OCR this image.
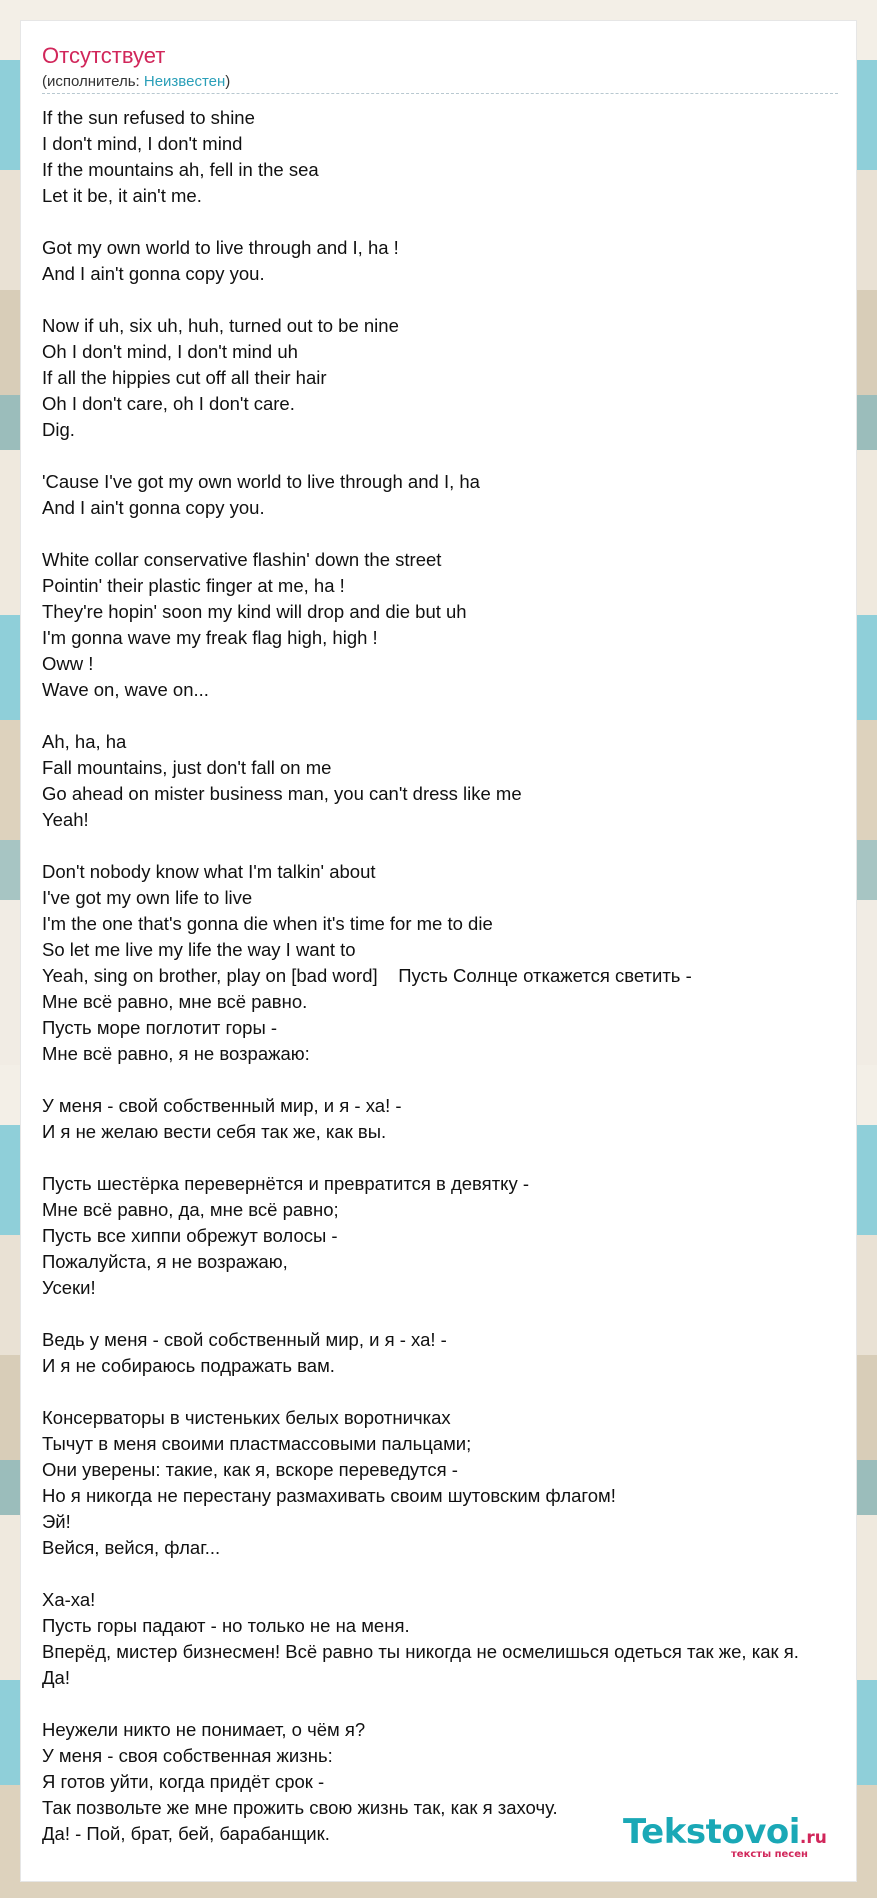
Отсутствует
(исполнитель: Неизвестен)
If the sun refused to shine
I don't mind, I don't mind
If the mountains ah, fell in the sea
Let it be, it ain't me.

Got my own world to live through and I, ha !
And I ain't gonna copy you.

Now if uh, six uh, huh, turned out to be nine
Oh I don't mind, I don't mind uh
If all the hippies cut off all their hair
Oh I don't care, oh I don't care.
Dig.

'Cause I've got my own world to live through and I, ha
And I ain't gonna copy you.

White collar conservative flashin' down the street
Pointin' their plastic finger at me, ha !
They're hopin' soon my kind will drop and die but uh
I'm gonna wave my freak flag high, high !
Oww !
Wave on, wave on...

Ah, ha, ha
Fall mountains, just don't fall on me
Go ahead on mister business man, you can't dress like me
Yeah!

Don't nobody know what I'm talkin' about
I've got my own life to live
I'm the one that's gonna die when it's time for me to die
So let me live my life the way I want to
Yeah, sing on brother, play on [bad word]    Пусть Солнце откажется светить -
Мне всё равно, мне всё равно.
Пусть море поглотит горы -
Мне всё равно, я не возражаю:

У меня - свой собственный мир, и я - ха! -
И я не желаю вести себя так же, как вы.

Пусть шестёрка перевернётся и превратится в девятку -
Мне всё равно, да, мне всё равно;
Пусть все хиппи обрежут волосы -
Пожалуйста, я не возражаю,
Усеки!

Ведь у меня - свой собственный мир, и я - ха! -
И я не собираюсь подражать вам.

Консерваторы в чистеньких белых воротничках
Тычут в меня своими пластмассовыми пальцами;
Они уверены: такие, как я, вскоре переведутся -
Но я никогда не перестану размахивать своим шутовским флагом!
Эй!
Вейся, вейся, флаг...

Ха-ха!
Пусть горы падают - но только не на меня.
Вперёд, мистер бизнесмен! Всё равно ты никогда не осмелишься одеться так же, как я.
Да!

Неужели никто не понимает, о чём я?
У меня - своя собственная жизнь:
Я готов уйти, когда придёт срок -
Так позвольте же мне прожить свою жизнь так, как я захочу.
Да! - Пой, брат, бей, барабанщик.	Tekstovoi.ru
тексты песен
